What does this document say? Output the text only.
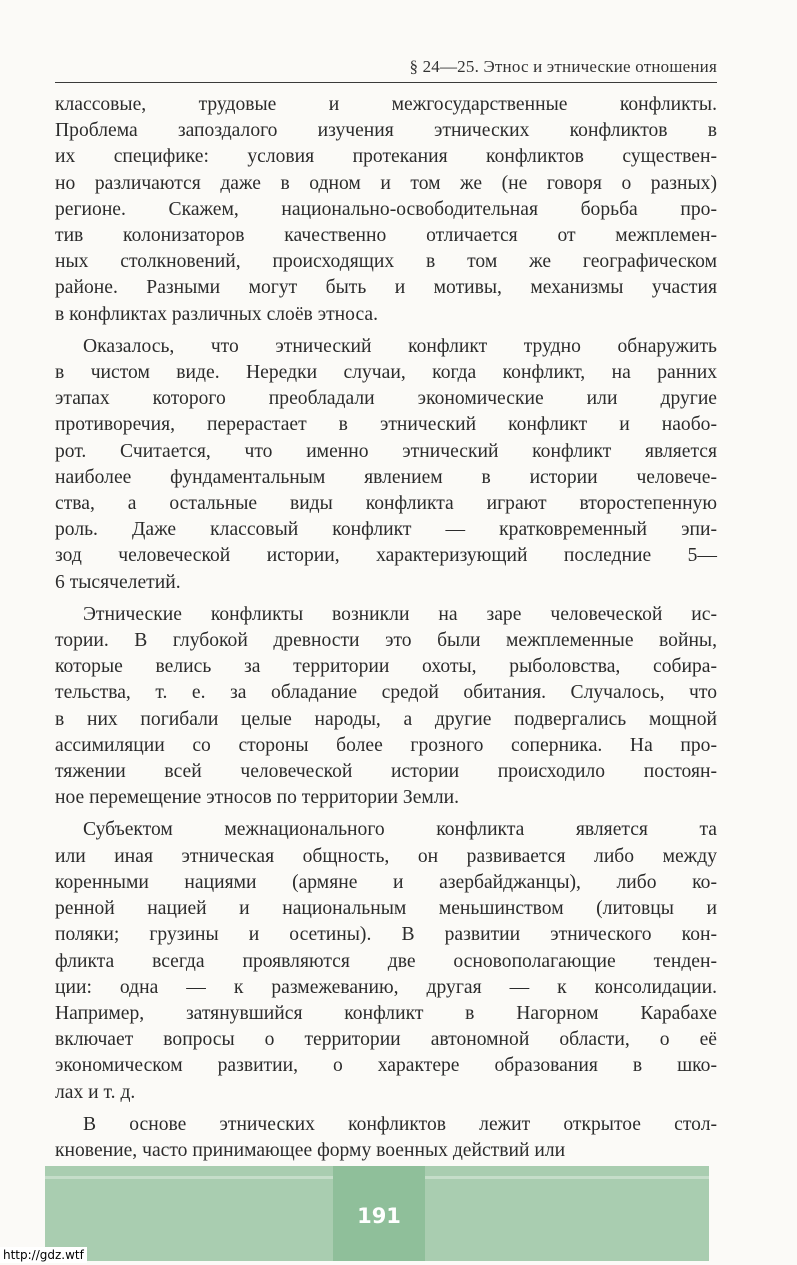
§ 24—25. Этнос и этнические отношения

классовые, трудовые и межгосударственные конфликты.
Проблема запоздалого изучения этнических конфликтов в
их специфике: условия протекания конфликтов существен-
но различаются даже в одном и том же (не говоря о разных)
регионе. Скажем, национально-освободительная борьба про-
тив колонизаторов качественно отличается от межплемен-
ных столкновений, происходящих в том же географическом
районе. Разными могут быть и мотивы, механизмы участия
в конфликтах различных слоёв этноса.

Оказалось, что этнический конфликт трудно обнаружить
в чистом виде. Нередки случаи, когда конфликт, на ранних
этапах которого преобладали экономические или другие
противоречия, перерастает в этнический конфликт и наобо-
рот. Считается, что именно этнический конфликт является
наиболее фундаментальным явлением в истории человече-
ства, а остальные виды конфликта играют второстепенную
роль. Даже классовый конфликт — кратковременный эпи-
зод человеческой истории, характеризующий последние 5—
6 тысячелетий.

Этнические конфликты возникли на заре человеческой ис-
тории. В глубокой древности это были межплеменные войны,
которые велись за территории охоты, рыболовства, собира-
тельства, т. е. за обладание средой обитания. Случалось, что
в них погибали целые народы, а другие подвергались мощной
ассимиляции со стороны более грозного соперника. На про-
тяжении всей человеческой истории происходило постоян-
ное перемещение этносов по территории Земли.

Субъектом межнационального конфликта является та
или иная этническая общность, он развивается либо между
коренными нациями (армяне и азербайджанцы), либо ко-
ренной нацией и национальным меньшинством (литовцы и
поляки; грузины и осетины). В развитии этнического кон-
фликта всегда проявляются две основополагающие тенден-
ции: одна — к размежеванию, другая — к консолидации.
Например, затянувшийся конфликт в Нагорном Карабахе
включает вопросы о территории автономной области, о её
экономическом развитии, о характере образования в шко-
лах и т. д.

В основе этнических конфликтов лежит открытое стол-
кновение, часто принимающее форму военных действий или

191
http://gdz.wtf
